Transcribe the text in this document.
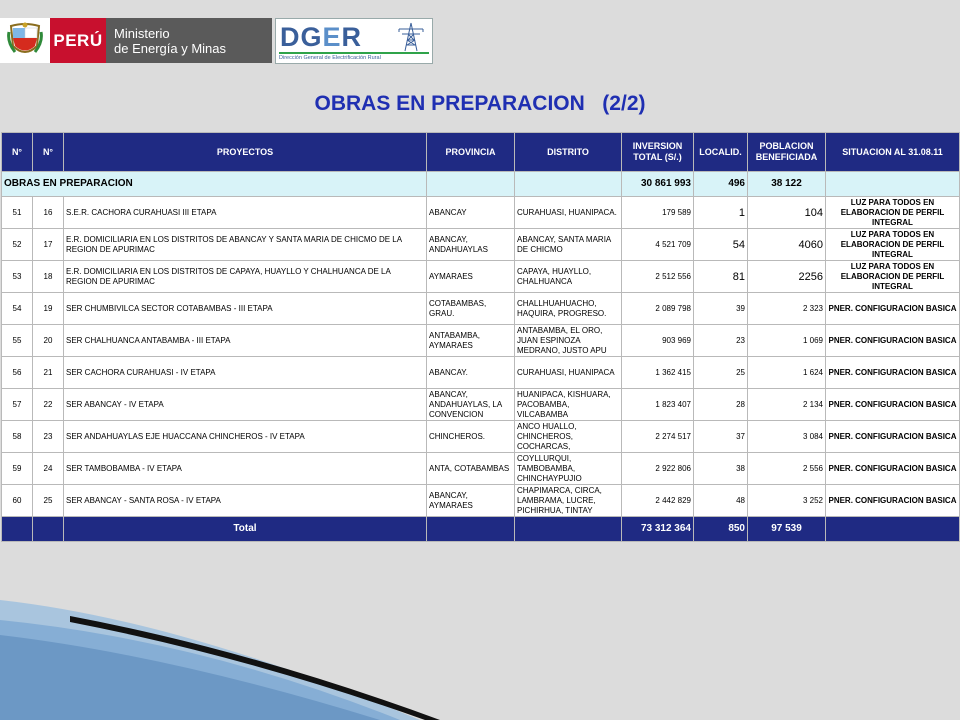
PERÚ Ministerio
de Energía y Minas	DGER
Dirección General de Electrificación Rural
OBRAS EN PREPARACION   (2/2)
N°	N°	PROYECTOS	PROVINCIA	DISTRITO	INVERSION TOTAL (S/.)	LOCALID.	POBLACION BENEFICIADA	SITUACION AL 31.08.11
OBRAS EN PREPARACION					30 861 993	496	38 122	
51	16	S.E.R. CACHORA CURAHUASI III ETAPA	ABANCAY	CURAHUASI, HUANIPACA.	179 589	1	104	LUZ PARA TODOS EN ELABORACION DE PERFIL INTEGRAL
52	17	E.R. DOMICILIARIA EN LOS DISTRITOS DE ABANCAY Y SANTA MARIA DE CHICMO DE LA REGION DE APURIMAC	ABANCAY, ANDAHUAYLAS	ABANCAY, SANTA MARIA DE CHICMO	4 521 709	54	4060	LUZ PARA TODOS EN ELABORACION DE PERFIL INTEGRAL
53	18	E.R. DOMICILIARIA EN LOS DISTRITOS DE CAPAYA, HUAYLLO Y CHALHUANCA DE LA REGION DE APURIMAC	AYMARAES	CAPAYA, HUAYLLO, CHALHUANCA	2 512 556	81	2256	LUZ PARA TODOS EN ELABORACION DE PERFIL INTEGRAL
54	19	SER CHUMBIVILCA SECTOR COTABAMBAS - III ETAPA	COTABAMBAS, GRAU.	CHALLHUAHUACHO, HAQUIRA, PROGRESO.	2 089 798	39	2 323	PNER. CONFIGURACION BASICA
55	20	SER CHALHUANCA ANTABAMBA - III ETAPA	ANTABAMBA, AYMARAES	ANTABAMBA, EL ORO, JUAN ESPINOZA MEDRANO, JUSTO APU	903 969	23	1 069	PNER. CONFIGURACION BASICA
56	21	SER CACHORA CURAHUASI - IV ETAPA	ABANCAY.	CURAHUASI, HUANIPACA	1 362 415	25	1 624	PNER. CONFIGURACION BASICA
57	22	SER ABANCAY - IV ETAPA	ABANCAY, ANDAHUAYLAS, LA CONVENCION	HUANIPACA, KISHUARA, PACOBAMBA, VILCABAMBA	1 823 407	28	2 134	PNER. CONFIGURACION BASICA
58	23	SER ANDAHUAYLAS EJE HUACCANA CHINCHEROS - IV ETAPA	CHINCHEROS.	ANCO HUALLO, CHINCHEROS, COCHARCAS,	2 274 517	37	3 084	PNER. CONFIGURACION BASICA
59	24	SER TAMBOBAMBA - IV ETAPA	ANTA, COTABAMBAS	COYLLURQUI, TAMBOBAMBA, CHINCHAYPUJIO	2 922 806	38	2 556	PNER. CONFIGURACION BASICA
60	25	SER ABANCAY - SANTA ROSA - IV ETAPA	ABANCAY, AYMARAES	CHAPIMARCA, CIRCA, LAMBRAMA, LUCRE, PICHIRHUA, TINTAY	2 442 829	48	3 252	PNER. CONFIGURACION BASICA
		Total			73 312 364	850	97 539	
